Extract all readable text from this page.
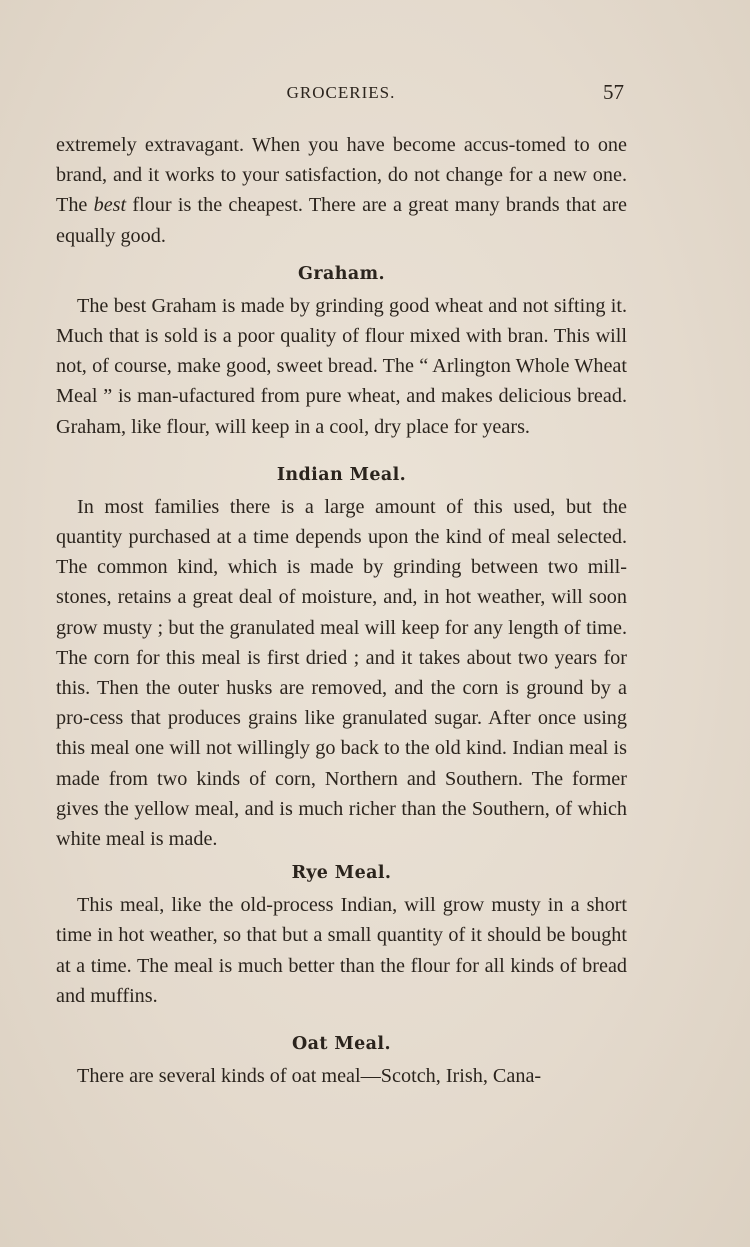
GROCERIES.	57

extremely extravagant. When you have become accus-tomed to one brand, and it works to your satisfaction, do not change for a new one. The best flour is the cheapest. There are a great many brands that are equally good.

Graham.

The best Graham is made by grinding good wheat and not sifting it. Much that is sold is a poor quality of flour mixed with bran. This will not, of course, make good, sweet bread. The “ Arlington Whole Wheat Meal ” is man-ufactured from pure wheat, and makes delicious bread. Graham, like flour, will keep in a cool, dry place for years.

Indian Meal.

In most families there is a large amount of this used, but the quantity purchased at a time depends upon the kind of meal selected. The common kind, which is made by grinding between two mill-stones, retains a great deal of moisture, and, in hot weather, will soon grow musty ; but the granulated meal will keep for any length of time. The corn for this meal is first dried ; and it takes about two years for this. Then the outer husks are removed, and the corn is ground by a pro-cess that produces grains like granulated sugar. After once using this meal one will not willingly go back to the old kind. Indian meal is made from two kinds of corn, Northern and Southern. The former gives the yellow meal, and is much richer than the Southern, of which white meal is made.

Rye Meal.

This meal, like the old-process Indian, will grow musty in a short time in hot weather, so that but a small quantity of it should be bought at a time. The meal is much better than the flour for all kinds of bread and muffins.

Oat Meal.

There are several kinds of oat meal—Scotch, Irish, Cana-
